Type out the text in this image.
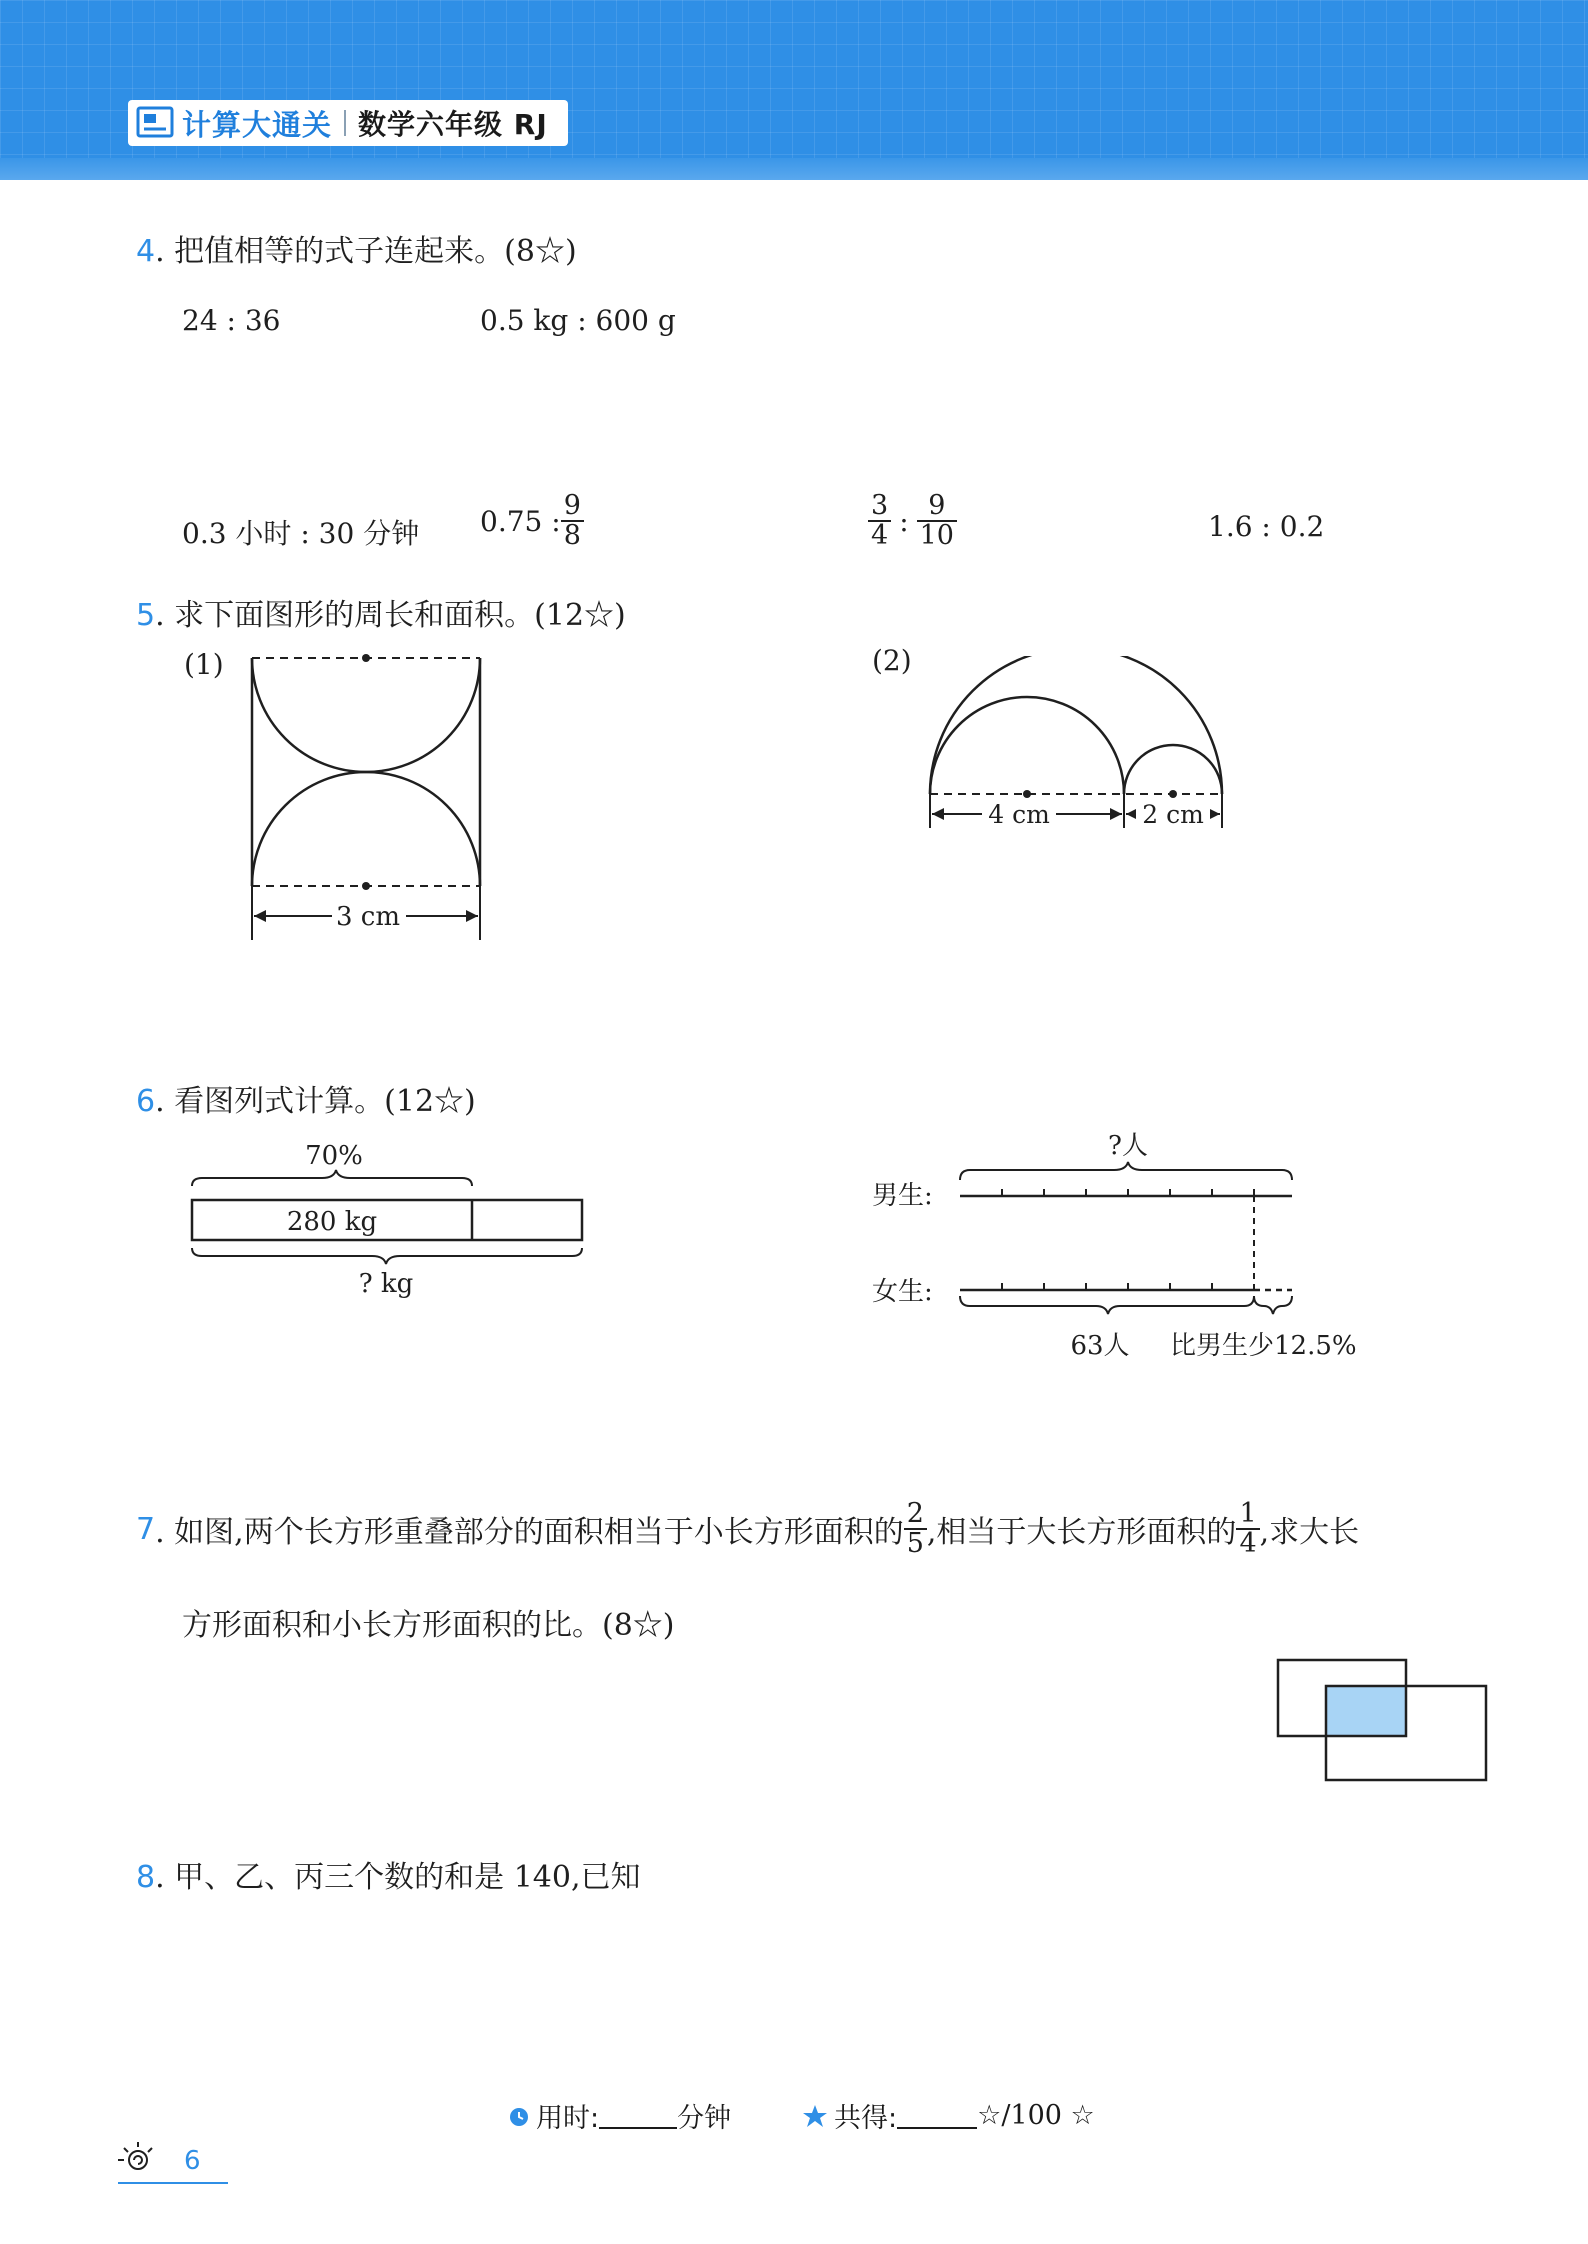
计算大通关 数学六年级 RJ
4. 把值相等的式子连起来。(8☆)
24 : 36	0.5 kg : 600 g
0.3 小时 : 30 分钟 0.75 : $\frac{9}{8}$	$\frac{3}{4}$ : $\frac{9}{10}$	1.6 : 0.2
5. 求下面图形的周长和面积。(12☆)
(1)	(2)
3 cm
4 cm	2 cm
6. 看图列式计算。(12☆)
70%
280 kg
? kg
?人
男生:
女生:
63人 比男生少12.5%
7 . 如图,两个长方形重叠部分的面积相当于小长方形面积的 $\frac{2}{5}$ ,相当于大长方形面积的 $\frac{1}{4}$ ,求大长
方形面积和小长方形面积的比。(8☆)
8. 甲、乙、丙三个数的和是 140,已知
用时:	分钟	共得:	☆/100 ☆
6
